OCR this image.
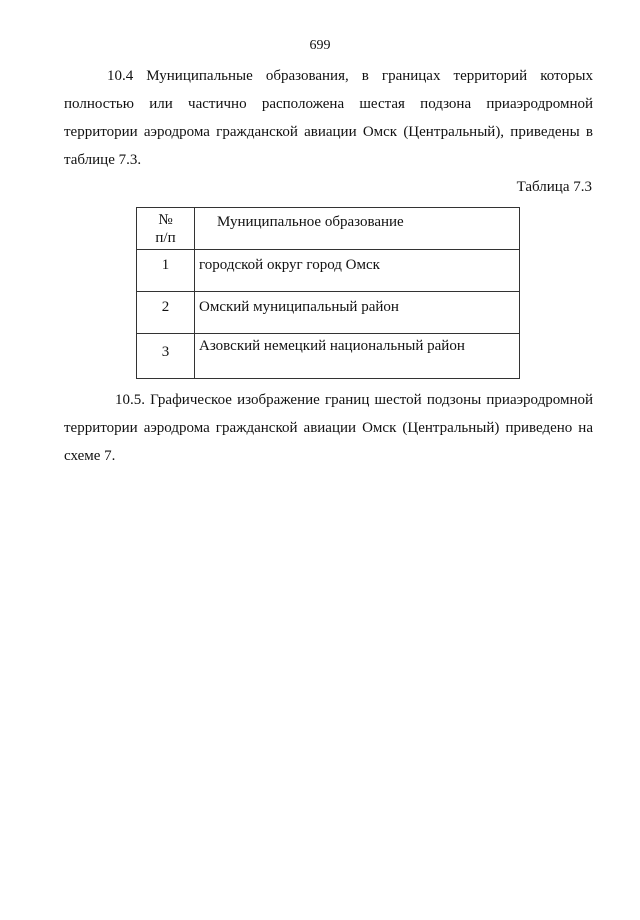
699
10.4 Муниципальные образования, в границах территорий которых
полностью или частично расположена шестая подзона приаэродромной
территории аэродрома гражданской авиации Омск (Центральный), приведены в
таблице 7.3.
Таблица 7.3
№
п/п	Муниципальное образование
1	городской округ город Омск
2	Омский муниципальный район
3	Азовский немецкий национальный район
10.5. Графическое изображение границ шестой подзоны приаэродромной
территории аэродрома гражданской авиации Омск (Центральный) приведено на
схеме 7.
